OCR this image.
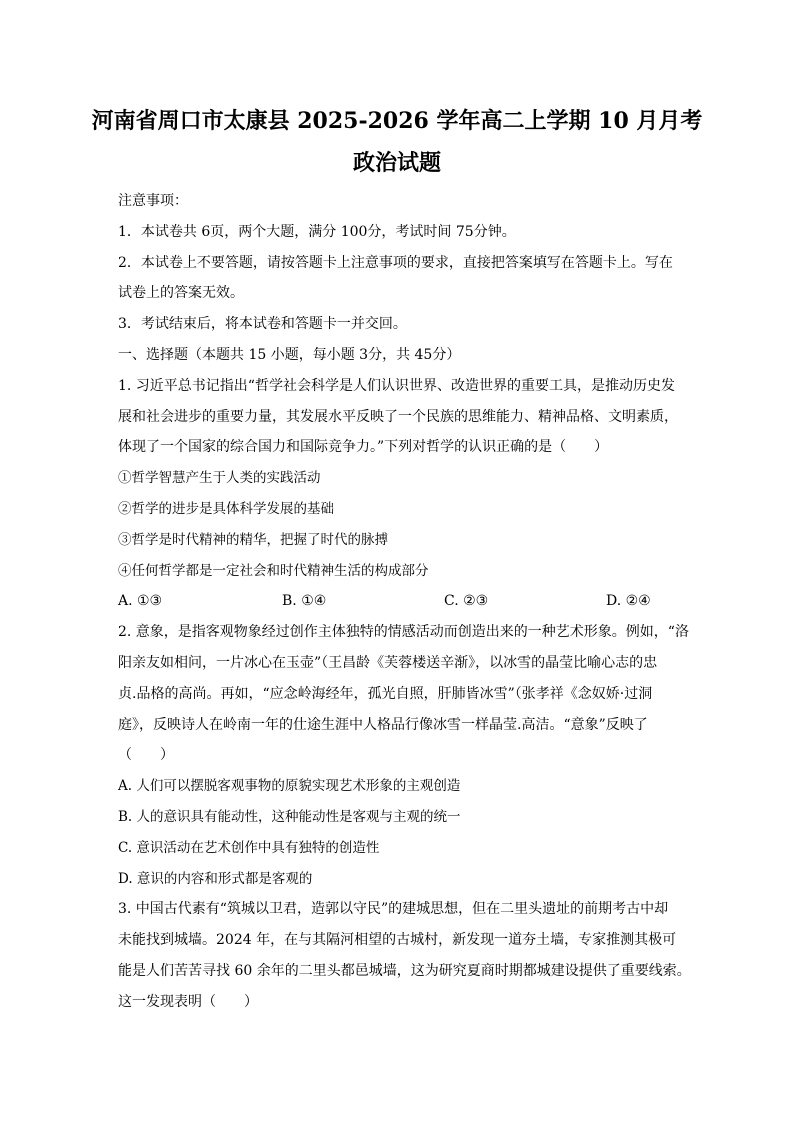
河南省周口市太康县 2025-2026 学年高二上学期 10 月月考
政治试题
注意事项：
1．本试卷共 6页，两个大题，满分 100分，考试时间 75分钟。
2．本试卷上不要答题，请按答题卡上注意事项的要求，直接把答案填写在答题卡上。写在
试卷上的答案无效。
3．考试结束后，将本试卷和答题卡一并交回。
一、选择题（本题共 15 小题，每小题 3分，共 45分）
1. 习近平总书记指出“哲学社会科学是人们认识世界、改造世界的重要工具，是推动历史发
展和社会进步的重要力量，其发展水平反映了一个民族的思维能力、精神品格、文明素质，
体现了一个国家的综合国力和国际竞争力。”下列对哲学的认识正确的是（　　）
①哲学智慧产生于人类的实践活动
②哲学的进步是具体科学发展的基础
③哲学是时代精神的精华，把握了时代的脉搏
④任何哲学都是一定社会和时代精神生活的构成部分
A. ①③	B. ①④	C. ②③	D. ②④
2. 意象，是指客观物象经过创作主体独特的情感活动而创造出来的一种艺术形象。例如，“洛
阳亲友如相问，一片冰心在玉壶”（王昌龄《芙蓉楼送辛渐》，以冰雪的晶莹比喻心志的忠
贞.品格的高尚。再如，“应念岭海经年，孤光自照，肝肺皆冰雪”（张孝祥《念奴娇·过洞
庭》，反映诗人在岭南一年的仕途生涯中人格品行像冰雪一样晶莹.高洁。“意象”反映了
（　　）
A. 人们可以摆脱客观事物的原貌实现艺术形象的主观创造
B. 人的意识具有能动性，这种能动性是客观与主观的统一
C. 意识活动在艺术创作中具有独特的创造性
D. 意识的内容和形式都是客观的
3. 中国古代素有“筑城以卫君，造郭以守民”的建城思想，但在二里头遗址的前期考古中却
未能找到城墙。2024 年，在与其隔河相望的古城村，新发现一道夯土墙，专家推测其极可
能是人们苦苦寻找 60 余年的二里头都邑城墙，这为研究夏商时期都城建设提供了重要线索。
这一发现表明（　　）
